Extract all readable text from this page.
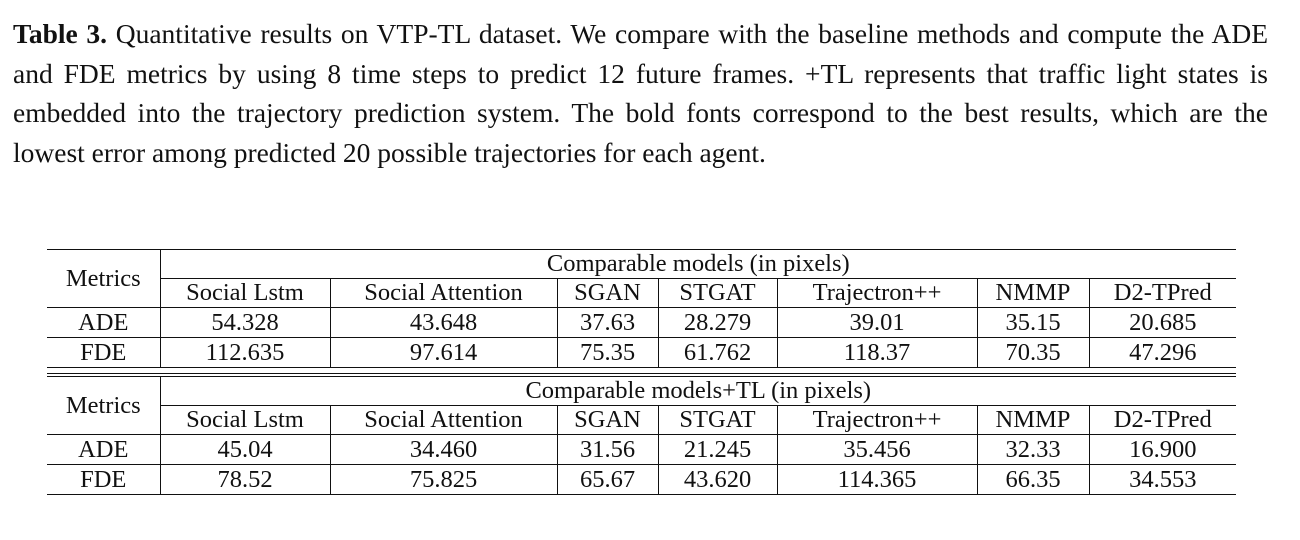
Table 3. Quantitative results on VTP-TL dataset. We compare with the baseline methods and compute the ADE and FDE metrics by using 8 time steps to predict 12 future frames. +TL represents that traffic light states is embedded into the trajectory prediction system. The bold fonts correspond to the best results, which are the lowest error among predicted 20 possible trajectories for each agent.

Metrics	Comparable models (in pixels)						
	Social Lstm	Social Attention	SGAN	STGAT	Trajectron++	NMMP	D2-TPred
ADE	54.328	43.648	37.63	28.279	39.01	35.15	20.685
FDE	112.635	97.614	75.35	61.762	118.37	70.35	47.296
Metrics	Comparable models+TL (in pixels)						
	Social Lstm	Social Attention	SGAN	STGAT	Trajectron++	NMMP	D2-TPred
ADE	45.04	34.460	31.56	21.245	35.456	32.33	16.900
FDE	78.52	75.825	65.67	43.620	114.365	66.35	34.553
